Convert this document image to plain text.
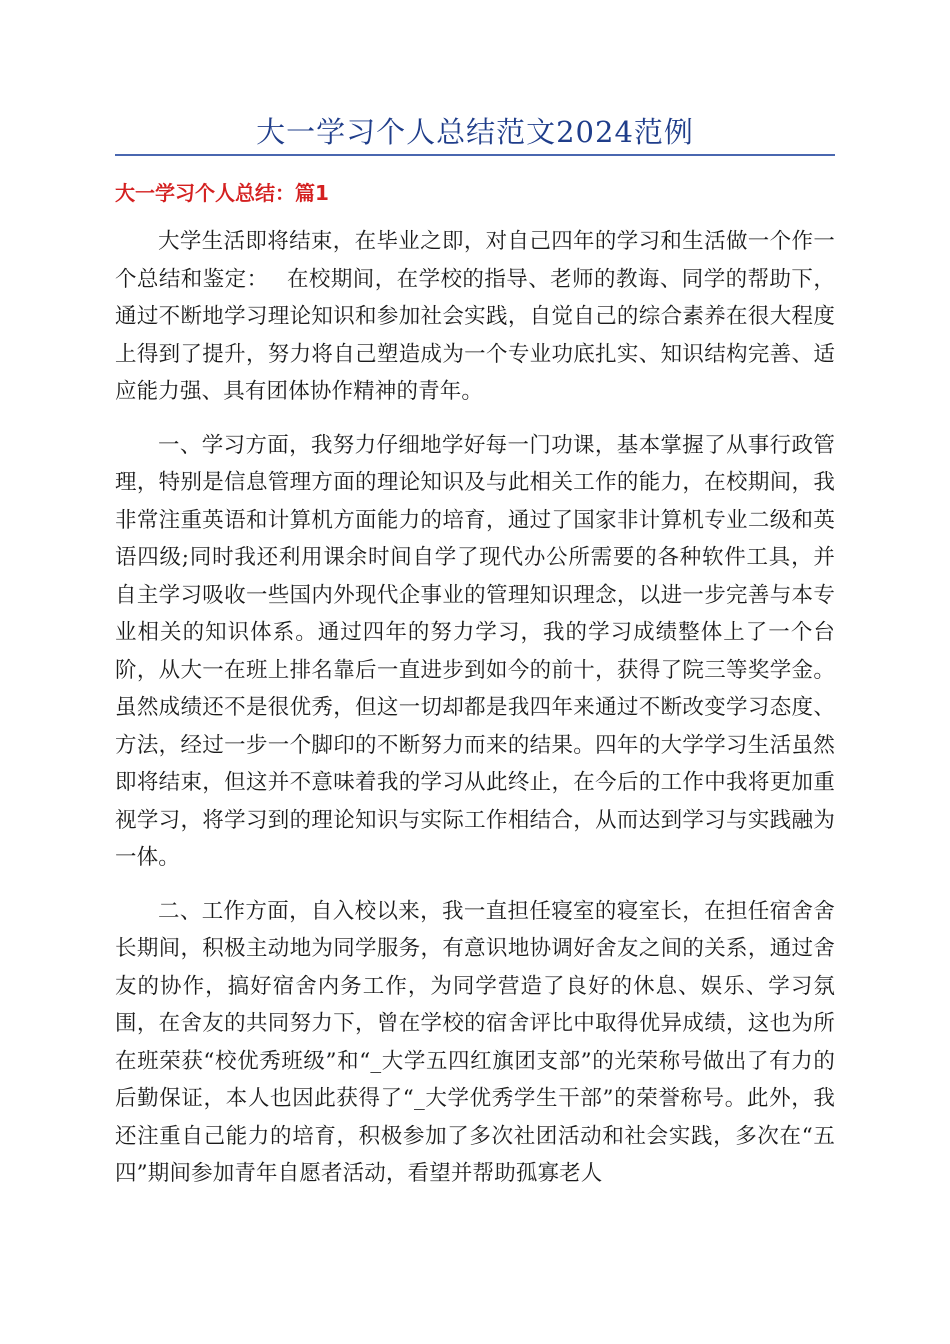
大一学习个人总结范文2024范例
大一学习个人总结：篇1

大学生活即将结束，在毕业之即，对自己四年的学习和生活做一个作一个总结和鉴定：　 在校期间，在学校的指导、老师的教诲、同学的帮助下，通过不断地学习理论知识和参加社会实践，自觉自己的综合素养在很大程度上得到了提升，努力将自己塑造成为一个专业功底扎实、知识结构完善、适应能力强、具有团体协作精神的青年。

一、学习方面，我努力仔细地学好每一门功课，基本掌握了从事行政管理，特别是信息管理方面的理论知识及与此相关工作的能力，在校期间，我非常注重英语和计算机方面能力的培育，通过了国家非计算机专业二级和英语四级;同时我还利用课余时间自学了现代办公所需要的各种软件工具，并自主学习吸收一些国内外现代企事业的管理知识理念，以进一步完善与本专业相关的知识体系。通过四年的努力学习，我的学习成绩整体上了一个台阶，从大一在班上排名靠后一直进步到如今的前十，获得了院三等奖学金。虽然成绩还不是很优秀，但这一切却都是我四年来通过不断改变学习态度、方法，经过一步一个脚印的不断努力而来的结果。四年的大学学习生活虽然即将结束，但这并不意味着我的学习从此终止，在今后的工作中我将更加重视学习，将学习到的理论知识与实际工作相结合，从而达到学习与实践融为一体。

二、工作方面，自入校以来，我一直担任寝室的寝室长，在担任宿舍舍长期间，积极主动地为同学服务，有意识地协调好舍友之间的关系，通过舍友的协作，搞好宿舍内务工作，为同学营造了良好的休息、娱乐、学习氛围，在舍友的共同努力下，曾在学校的宿舍评比中取得优异成绩，这也为所在班荣获“校优秀班级”和“_大学五四红旗团支部”的光荣称号做出了有力的后勤保证，本人也因此获得了“_大学优秀学生干部”的荣誉称号。此外，我还注重自己能力的培育，积极参加了多次社团活动和社会实践，多次在“五四”期间参加青年自愿者活动，看望并帮助孤寡老人
